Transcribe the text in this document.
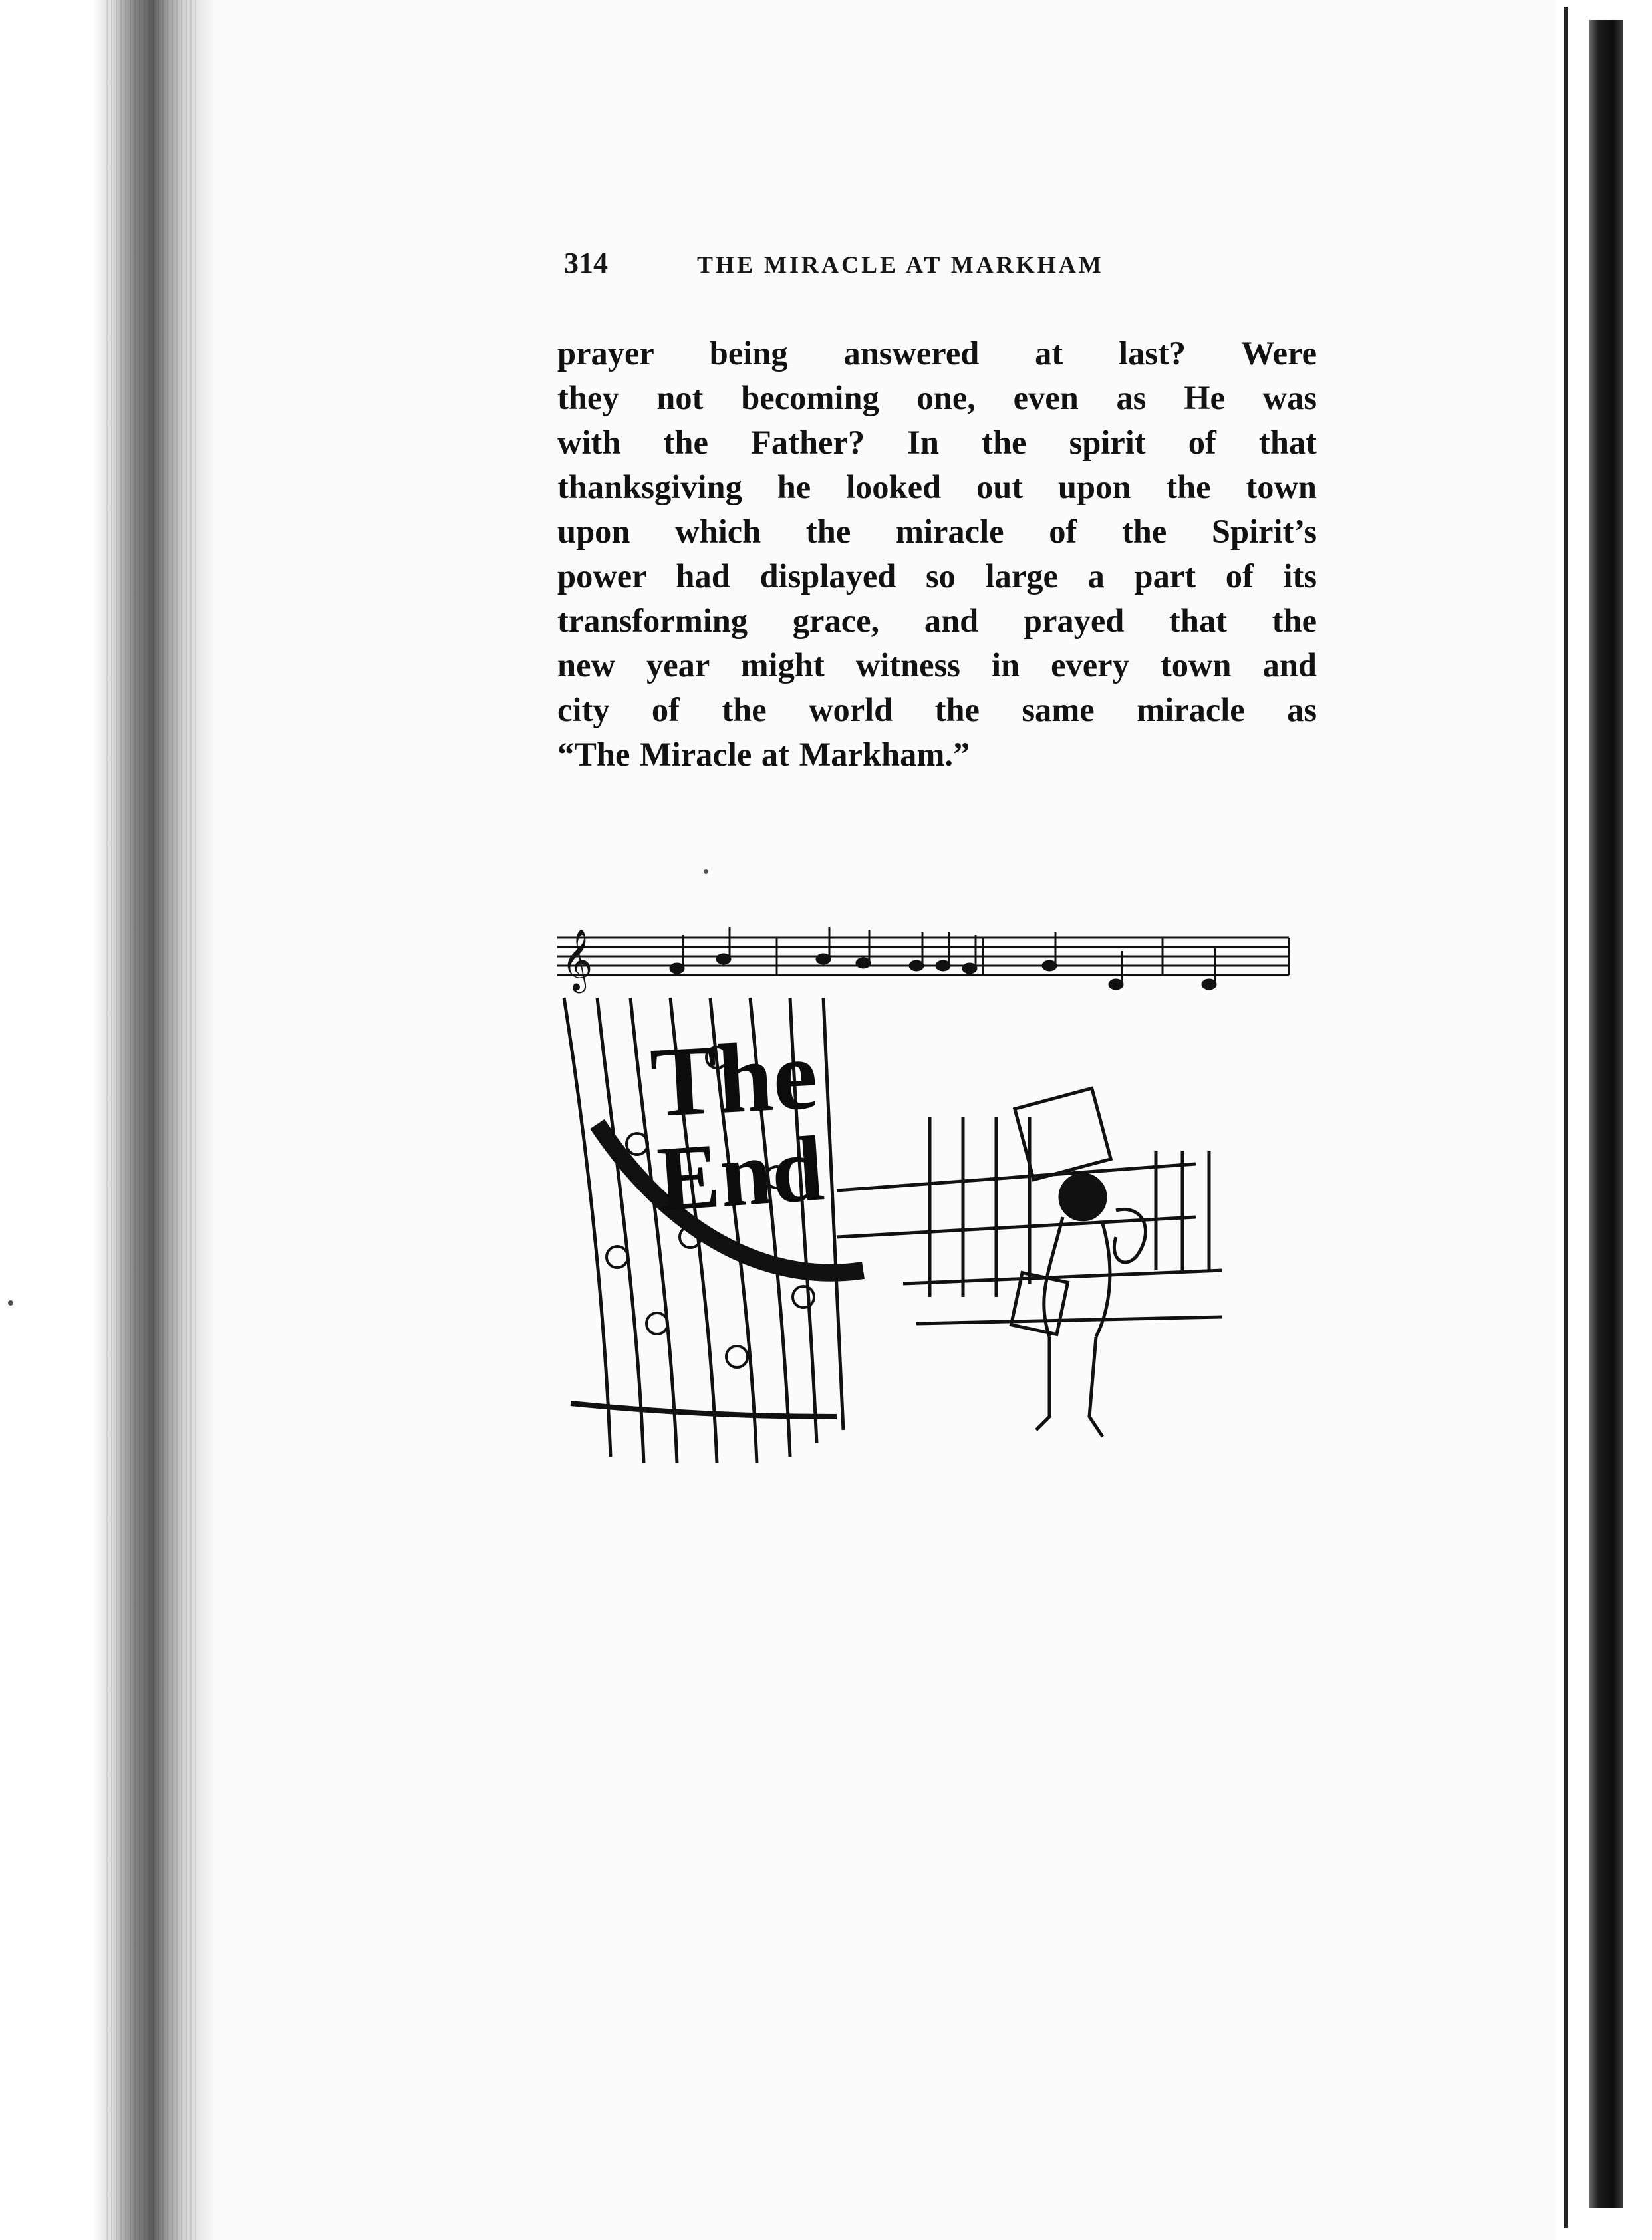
314	THE MIRACLE AT MARKHAM
prayer being answered at last? Were
they not becoming one, even as He was
with the Father? In the spirit of that
thanksgiving he looked out upon the town
upon which the miracle of the Spirit’s
power had displayed so large a part of its
transforming grace, and prayed that the
new year might witness in every town and
city of the world the same miracle as
“The Miracle at Markham.”
𝄞
The
End
